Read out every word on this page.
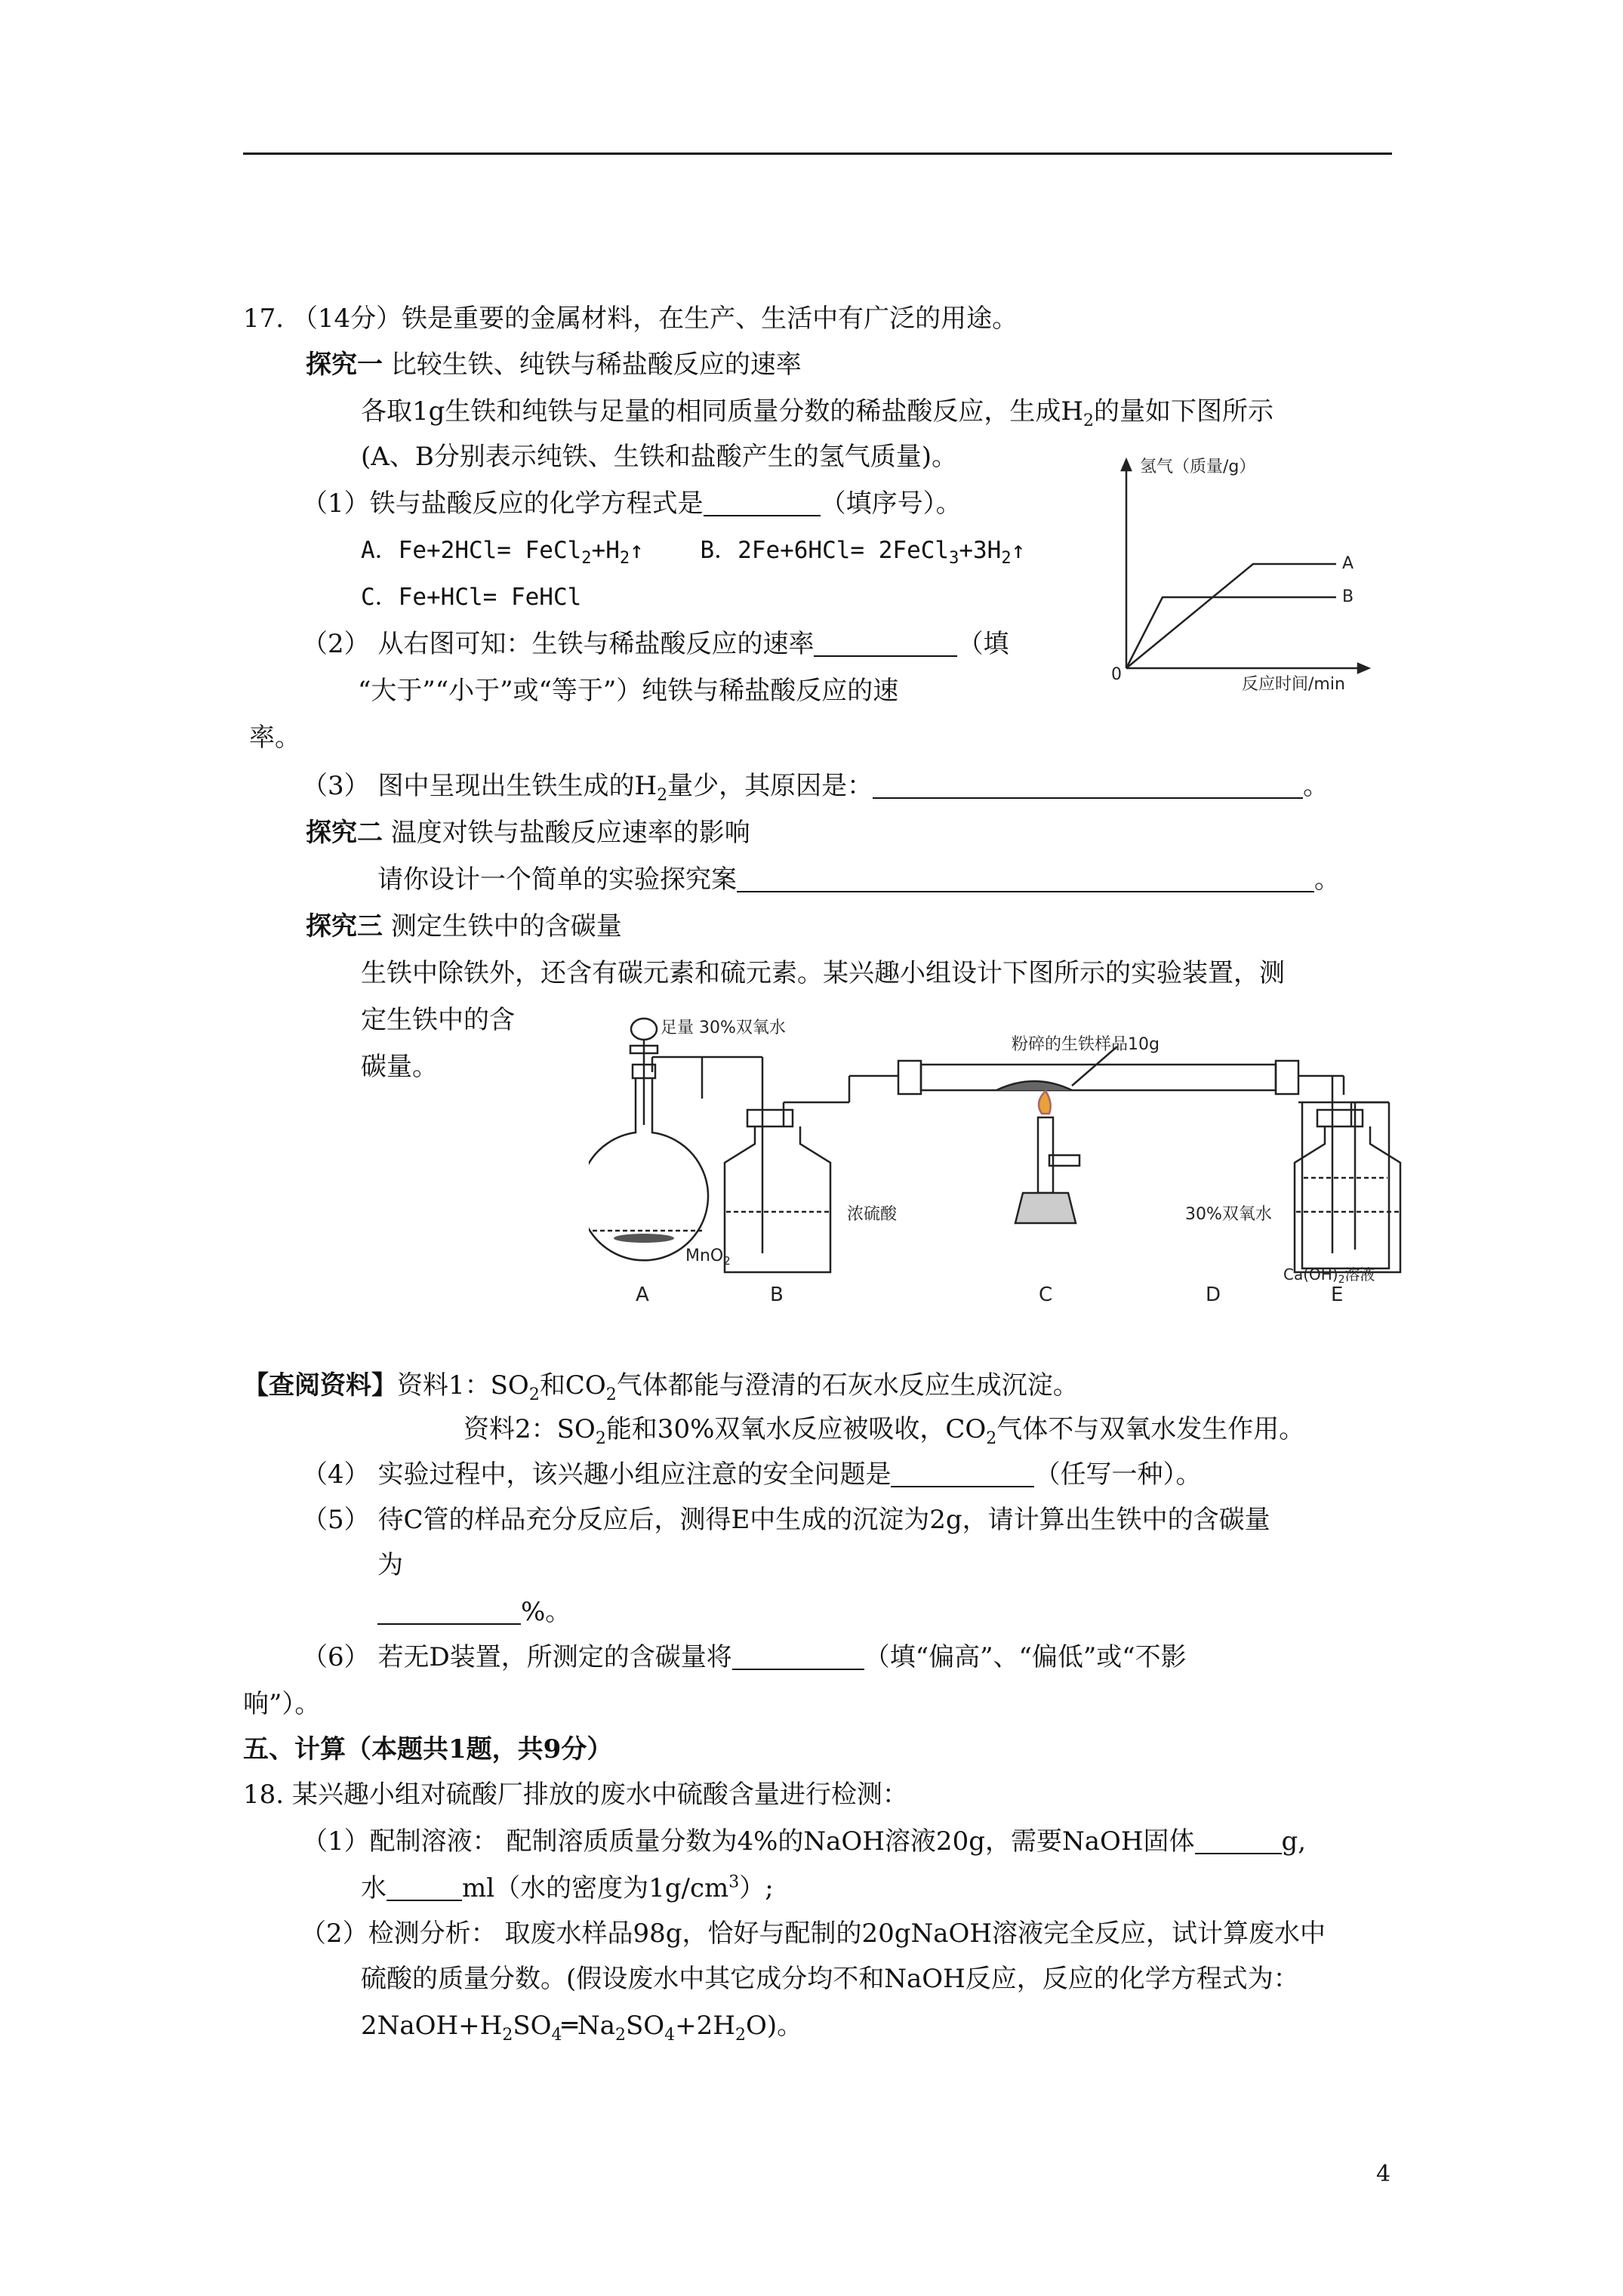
17. （14分）铁是重要的金属材料，在生产、生活中有广泛的用途。
探究一 比较生铁、纯铁与稀盐酸反应的速率
各取1g生铁和纯铁与足量的相同质量分数的稀盐酸反应，生成$H_2$的量如下图所示
(A、B分别表示纯铁、生铁和盐酸产生的氢气质量)。
（1）铁与盐酸反应的化学方程式是	（填序号）。
A．$Fe+2HCl= FeCl_2+H_2↑$    B．$2Fe+6HCl= 2FeCl_3+3H_2↑$
C．Fe+HCl= FeHCl
（2） 从右图可知：生铁与稀盐酸反应的速率	（填
“大于”“小于”或“等于”）纯铁与稀盐酸反应的速
率。
氢气（质量/g）
反应时间/min
0
A
B
（3） 图中呈现出生铁生成的$H_2$量少，其原因是：	。
探究二 温度对铁与盐酸反应速率的影响
请你设计一个简单的实验探究案	。
探究三 测定生铁中的含碳量
生铁中除铁外，还含有碳元素和硫元素。某兴趣小组设计下图所示的实验装置，测
定生铁中的含
碳量。
足量 30%双氧水
粉碎的生铁样品10g
浓硫酸
MnO$_2$
30%双氧水
A	B	C	D	E
$Ca(OH)_2$溶液
【查阅资料】资料1：$SO_2$和$CO_2$气体都能与澄清的石灰水反应生成沉淀。
资料2：$SO_2$能和30%双氧水反应被吸收，$CO_2$气体不与双氧水发生作用。
（4） 实验过程中，该兴趣小组应注意的安全问题是	（任写一种）。
（5） 待C管的样品充分反应后，测得E中生成的沉淀为2g，请计算出生铁中的含碳量
为
%。
（6） 若无D装置，所测定的含碳量将	（填“偏高”、“偏低”或“不影
响”）。
五、计算（本题共1题，共9分）
18. 某兴趣小组对硫酸厂排放的废水中硫酸含量进行检测：
（1）配制溶液： 配制溶质质量分数为4%的NaOH溶液20g，需要NaOH固体	g,
水	ml（水的密度为$1g/cm^3$）;
（2）检测分析： 取废水样品98g，恰好与配制的20gNaOH溶液完全反应，试计算废水中
硫酸的质量分数。(假设废水中其它成分均不和NaOH反应，反应的化学方程式为：
$2NaOH+H_2SO_4═Na_2SO_4+2H_2O$)。
4
